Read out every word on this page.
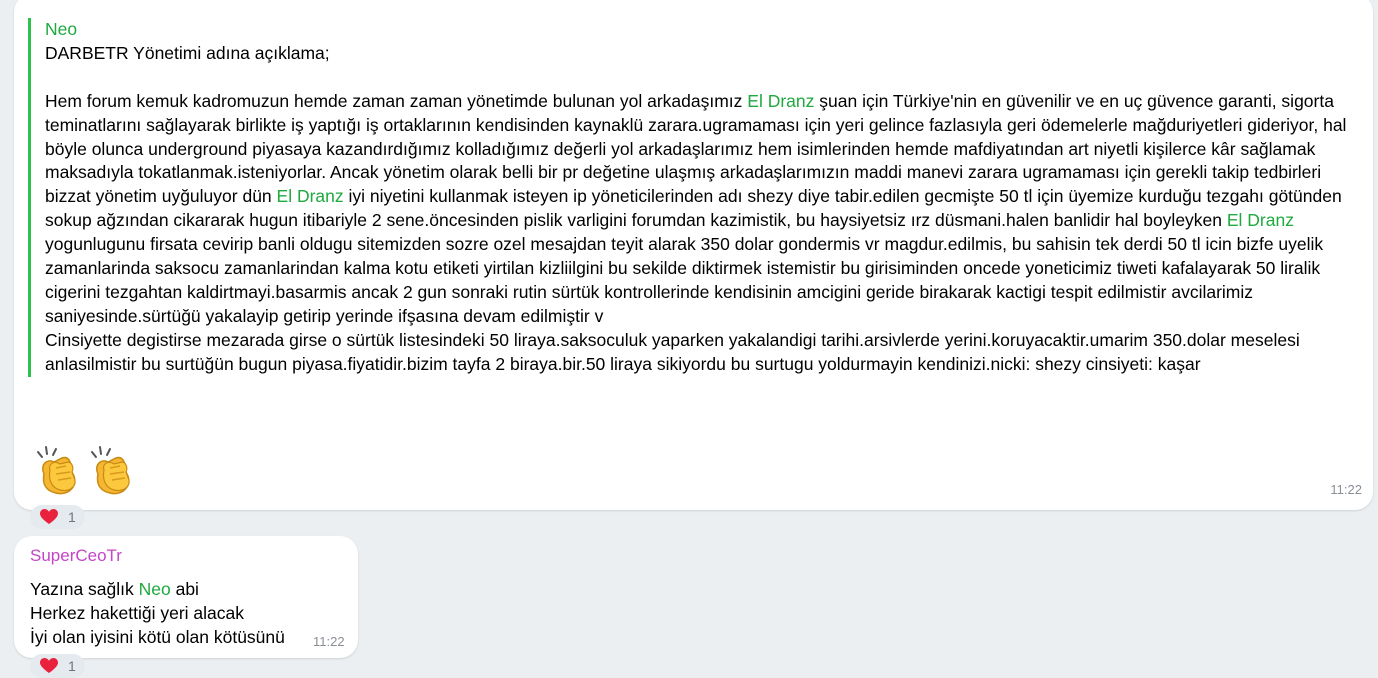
Neo

DARBETR Yönetimi adına açıklama;

Hem forum kemuk kadromuzun hemde zaman zaman yönetimde bulunan yol arkadaşımız El Dranz şuan için Türkiye'nin en güvenilir ve en uç güvence garanti, sigorta teminatlarını sağlayarak birlikte iş yaptığı iş ortaklarının kendisinden kaynaklü zarara.ugramaması için yeri gelince fazlasıyla geri ödemelerle mağduriyetleri gideriyor, hal böyle olunca underground piyasaya kazandırdığımız kolladığımız değerli yol arkadaşlarımız hem isimlerinden hemde mafdiyatından art niyetli kişilerce kâr sağlamak maksadıyla tokatlanmak.isteniyorlar. Ancak yönetim olarak belli bir pr değetine ulaşmış arkadaşlarımızın maddi manevi zarara ugramaması için gerekli takip tedbirleri bizzat yönetim uyğuluyor dün El Dranz iyi niyetini kullanmak isteyen ip yöneticilerinden adı shezy diye tabir.edilen gecmişte 50 tl için üyemize kurduğu tezgahı götünden sokup ağzından cikararak hugun itibariyle 2 sene.öncesinden pislik varligini forumdan kazimistik, bu haysiyetsiz ırz düsmani.halen banlidir hal boyleyken El Dranz yogunlugunu firsata cevirip banli oldugu sitemizden sozre ozel mesajdan teyit alarak 350 dolar gondermis vr magdur.edilmis, bu sahisin tek derdi 50 tl icin bizfe uyelik zamanlarinda saksocu zamanlarindan kalma kotu etiketi yirtilan kizliilgini bu sekilde diktirmek istemistir bu girisiminden oncede yoneticimiz tiweti kafalayarak 50 liralik cigerini tezgahtan kaldirtmayi.basarmis ancak 2 gun sonraki rutin sürtük kontrollerinde kendisinin amcigini geride birakarak kactigi tespit edilmistir avcilarimiz saniyesinde.sürtüğü yakalayip getirip yerinde ifşasına devam edilmiştir v

Cinsiyette degistirse mezarada girse o sürtük listesindeki 50 liraya.saksoculuk yaparken yakalandigi tarihi.arsivlerde yerini.koruyacaktir.umarim 350.dolar meselesi anlasilmistir bu surtüğün bugun piyasa.fiyatidir.bizim tayfa 2 biraya.bir.50 liraya sikiyordu bu surtugu yoldurmayin kendinizi.nicki: shezy cinsiyeti: kaşar

11:22
1
SuperCeoTr
Yazına sağlık Neo abi
Herkez hakettiği yeri alacak
İyi olan iyisini kötü olan kötüsünü 11:22
1
